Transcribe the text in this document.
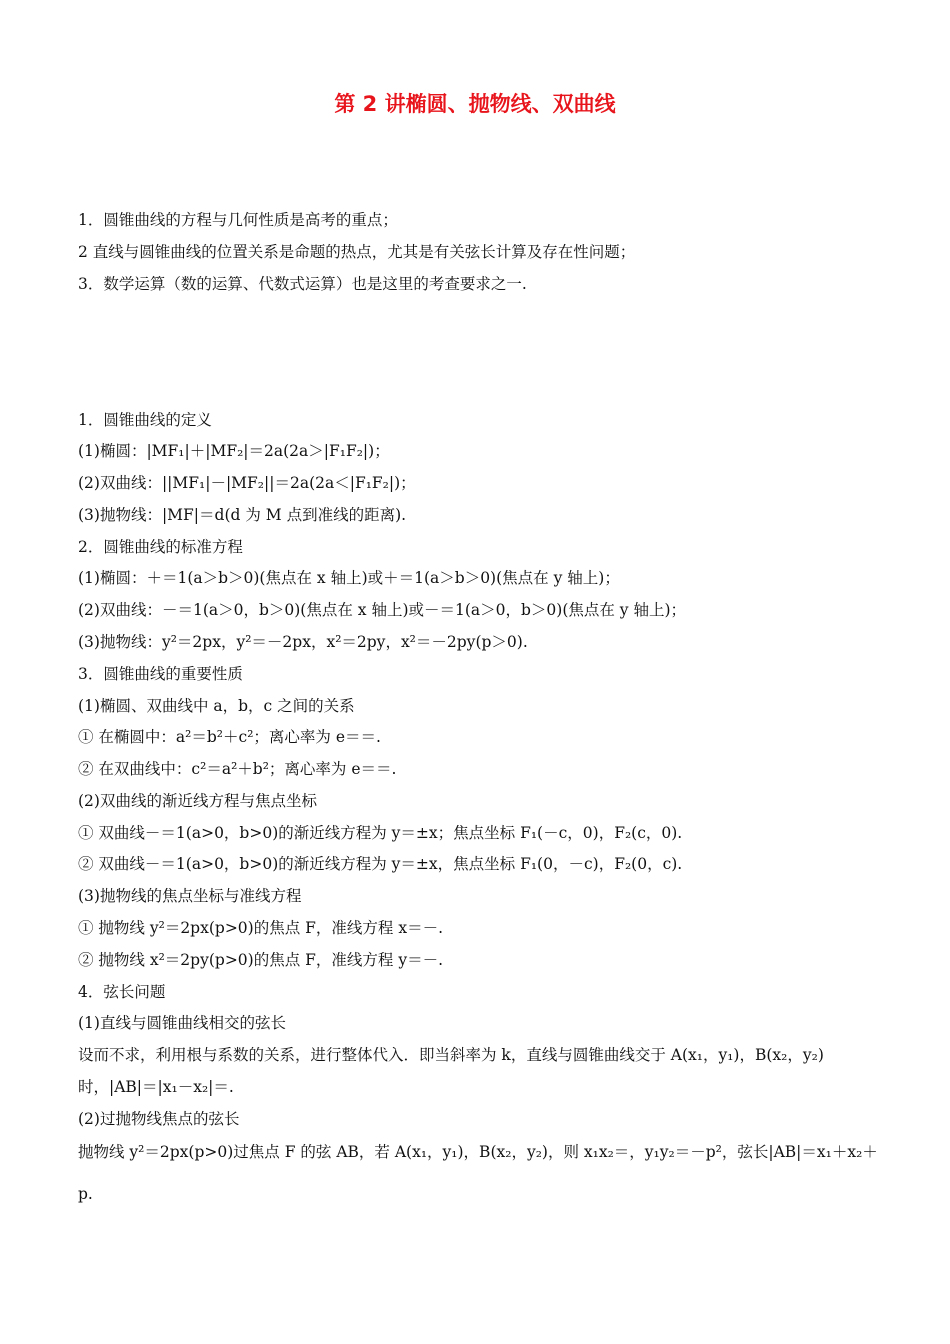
第 2 讲椭圆、抛物线、双曲线
1．圆锥曲线的方程与几何性质是高考的重点；
2 直线与圆锥曲线的位置关系是命题的热点，尤其是有关弦长计算及存在性问题；
3．数学运算（数的运算、代数式运算）也是这里的考查要求之一.
1．圆锥曲线的定义
(1)椭圆：|MF₁|＋|MF₂|＝2a(2a＞|F₁F₂|)；
(2)双曲线：||MF₁|－|MF₂||＝2a(2a＜|F₁F₂|)；
(3)抛物线：|MF|＝d(d 为 M 点到准线的距离).
2．圆锥曲线的标准方程
(1)椭圆：＋＝1(a＞b＞0)(焦点在 x 轴上)或＋＝1(a＞b＞0)(焦点在 y 轴上)；
(2)双曲线：－＝1(a＞0，b＞0)(焦点在 x 轴上)或－＝1(a＞0，b＞0)(焦点在 y 轴上)；
(3)抛物线：y²＝2px，y²＝－2px，x²＝2py，x²＝－2py(p＞0).
3．圆锥曲线的重要性质
(1)椭圆、双曲线中 a，b，c 之间的关系
① 在椭圆中：a²＝b²＋c²；离心率为 e＝＝.
② 在双曲线中：c²＝a²＋b²；离心率为 e＝＝.
(2)双曲线的渐近线方程与焦点坐标
① 双曲线－＝1(a>0，b>0)的渐近线方程为 y＝±x；焦点坐标 F₁(－c，0)，F₂(c，0).
② 双曲线－＝1(a>0，b>0)的渐近线方程为 y＝±x，焦点坐标 F₁(0，－c)，F₂(0，c).
(3)抛物线的焦点坐标与准线方程
① 抛物线 y²＝2px(p>0)的焦点 F，准线方程 x＝－.
② 抛物线 x²＝2py(p>0)的焦点 F，准线方程 y＝－.
4．弦长问题
(1)直线与圆锥曲线相交的弦长
设而不求，利用根与系数的关系，进行整体代入．即当斜率为 k，直线与圆锥曲线交于 A(x₁，y₁)，B(x₂，y₂)
时，|AB|＝|x₁－x₂|＝.
(2)过抛物线焦点的弦长
抛物线 y²＝2px(p>0)过焦点 F 的弦 AB，若 A(x₁，y₁)，B(x₂，y₂)，则 x₁x₂＝，y₁y₂＝－p²，弦长|AB|＝x₁＋x₂＋
p.
